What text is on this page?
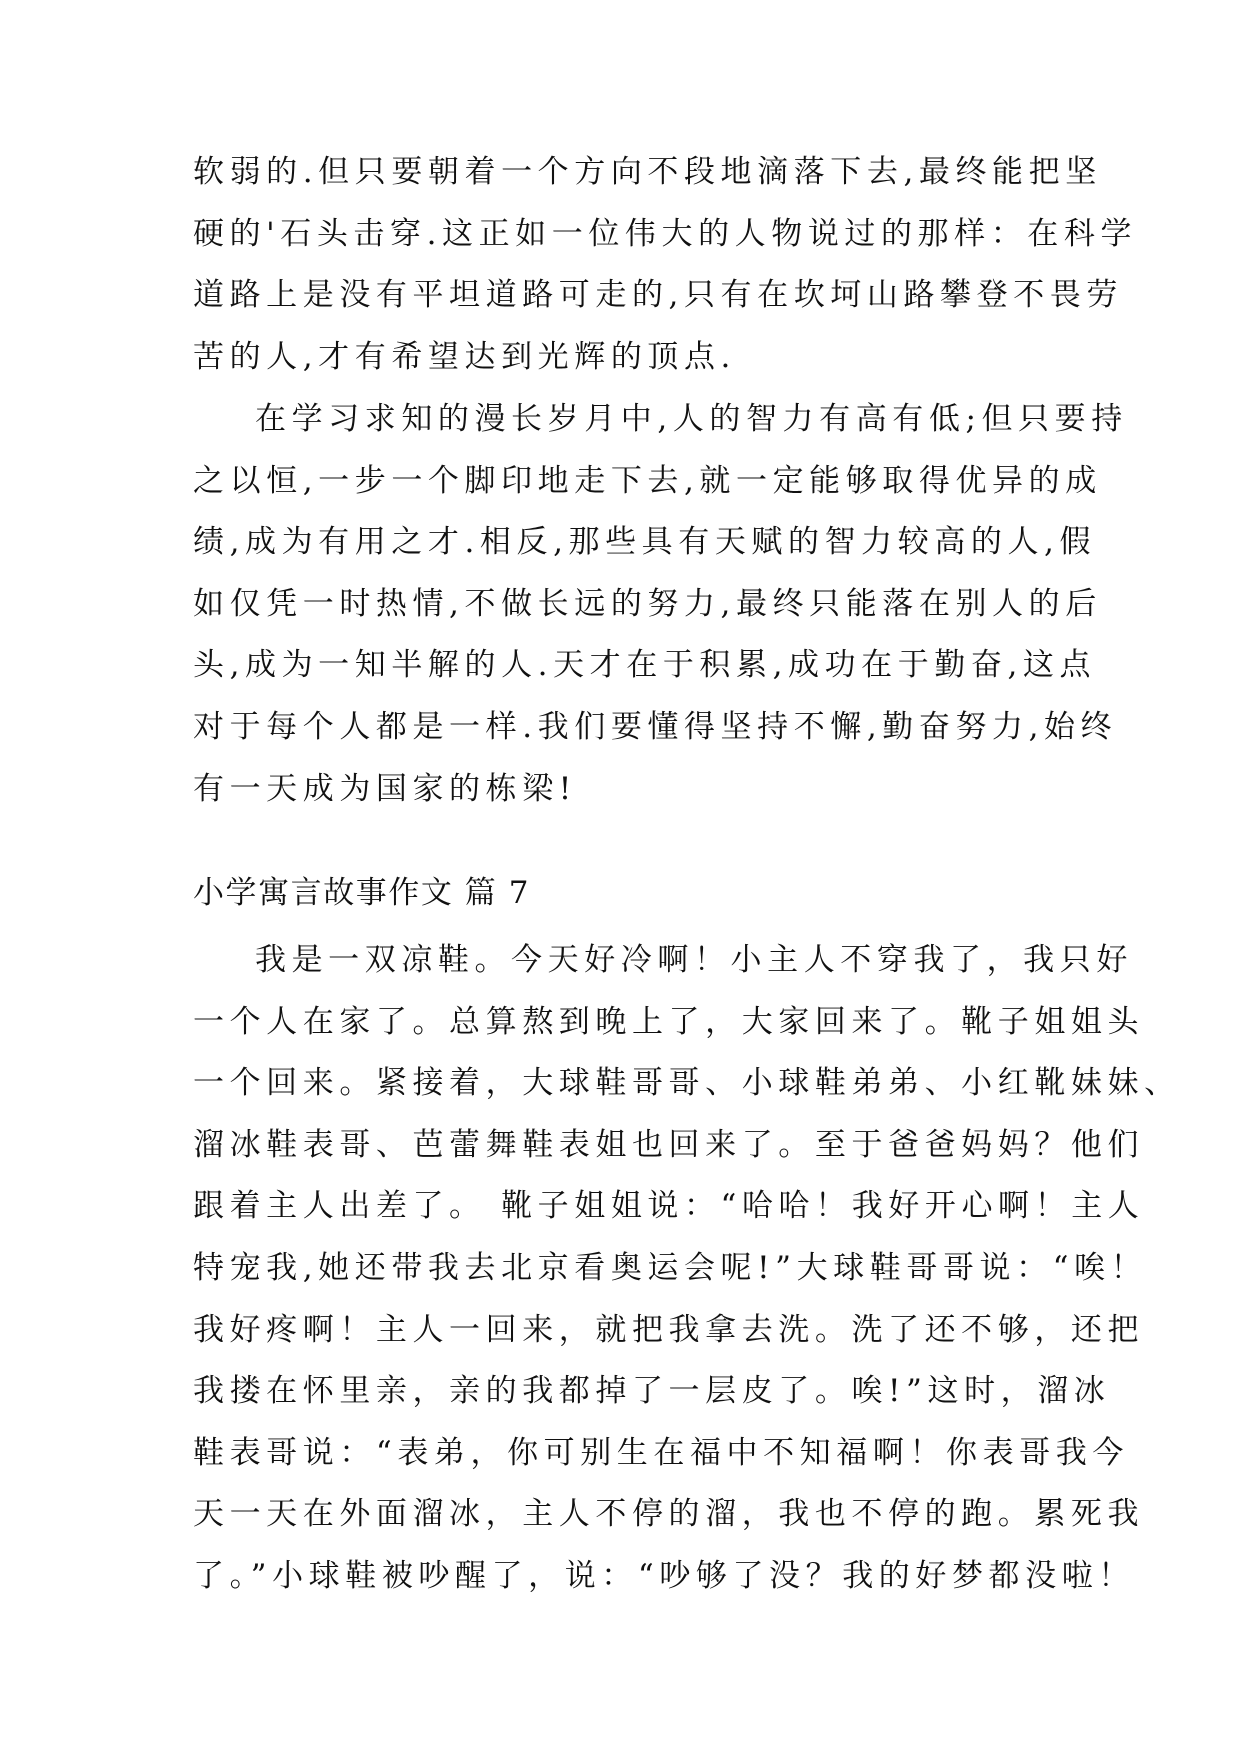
软弱的.但只要朝着一个方向不段地滴落下去,最终能把坚
硬的'石头击穿.这正如一位伟大的人物说过的那样：在科学
道路上是没有平坦道路可走的,只有在坎坷山路攀登不畏劳
苦的人,才有希望达到光辉的顶点.
在学习求知的漫长岁月中,人的智力有高有低;但只要持
之以恒,一步一个脚印地走下去,就一定能够取得优异的成
绩,成为有用之才.相反,那些具有天赋的智力较高的人,假
如仅凭一时热情,不做长远的努力,最终只能落在别人的后
头,成为一知半解的人.天才在于积累,成功在于勤奋,这点
对于每个人都是一样.我们要懂得坚持不懈,勤奋努力,始终
有一天成为国家的栋梁!
小学寓言故事作文 篇 7
我是一双凉鞋。今天好冷啊！小主人不穿我了，我只好
一个人在家了。总算熬到晚上了，大家回来了。靴子姐姐头
一个回来。紧接着，大球鞋哥哥、小球鞋弟弟、小红靴妹妹、
溜冰鞋表哥、芭蕾舞鞋表姐也回来了。至于爸爸妈妈？他们
跟着主人出差了。 靴子姐姐说：“哈哈！我好开心啊！主人
特宠我,她还带我去北京看奥运会呢!”大球鞋哥哥说：“唉！
我好疼啊！主人一回来，就把我拿去洗。洗了还不够，还把
我搂在怀里亲，亲的我都掉了一层皮了。唉!”这时，溜冰
鞋表哥说：“表弟，你可别生在福中不知福啊！你表哥我今
天一天在外面溜冰，主人不停的溜，我也不停的跑。累死我
了。”小球鞋被吵醒了，说：“吵够了没？我的好梦都没啦！
